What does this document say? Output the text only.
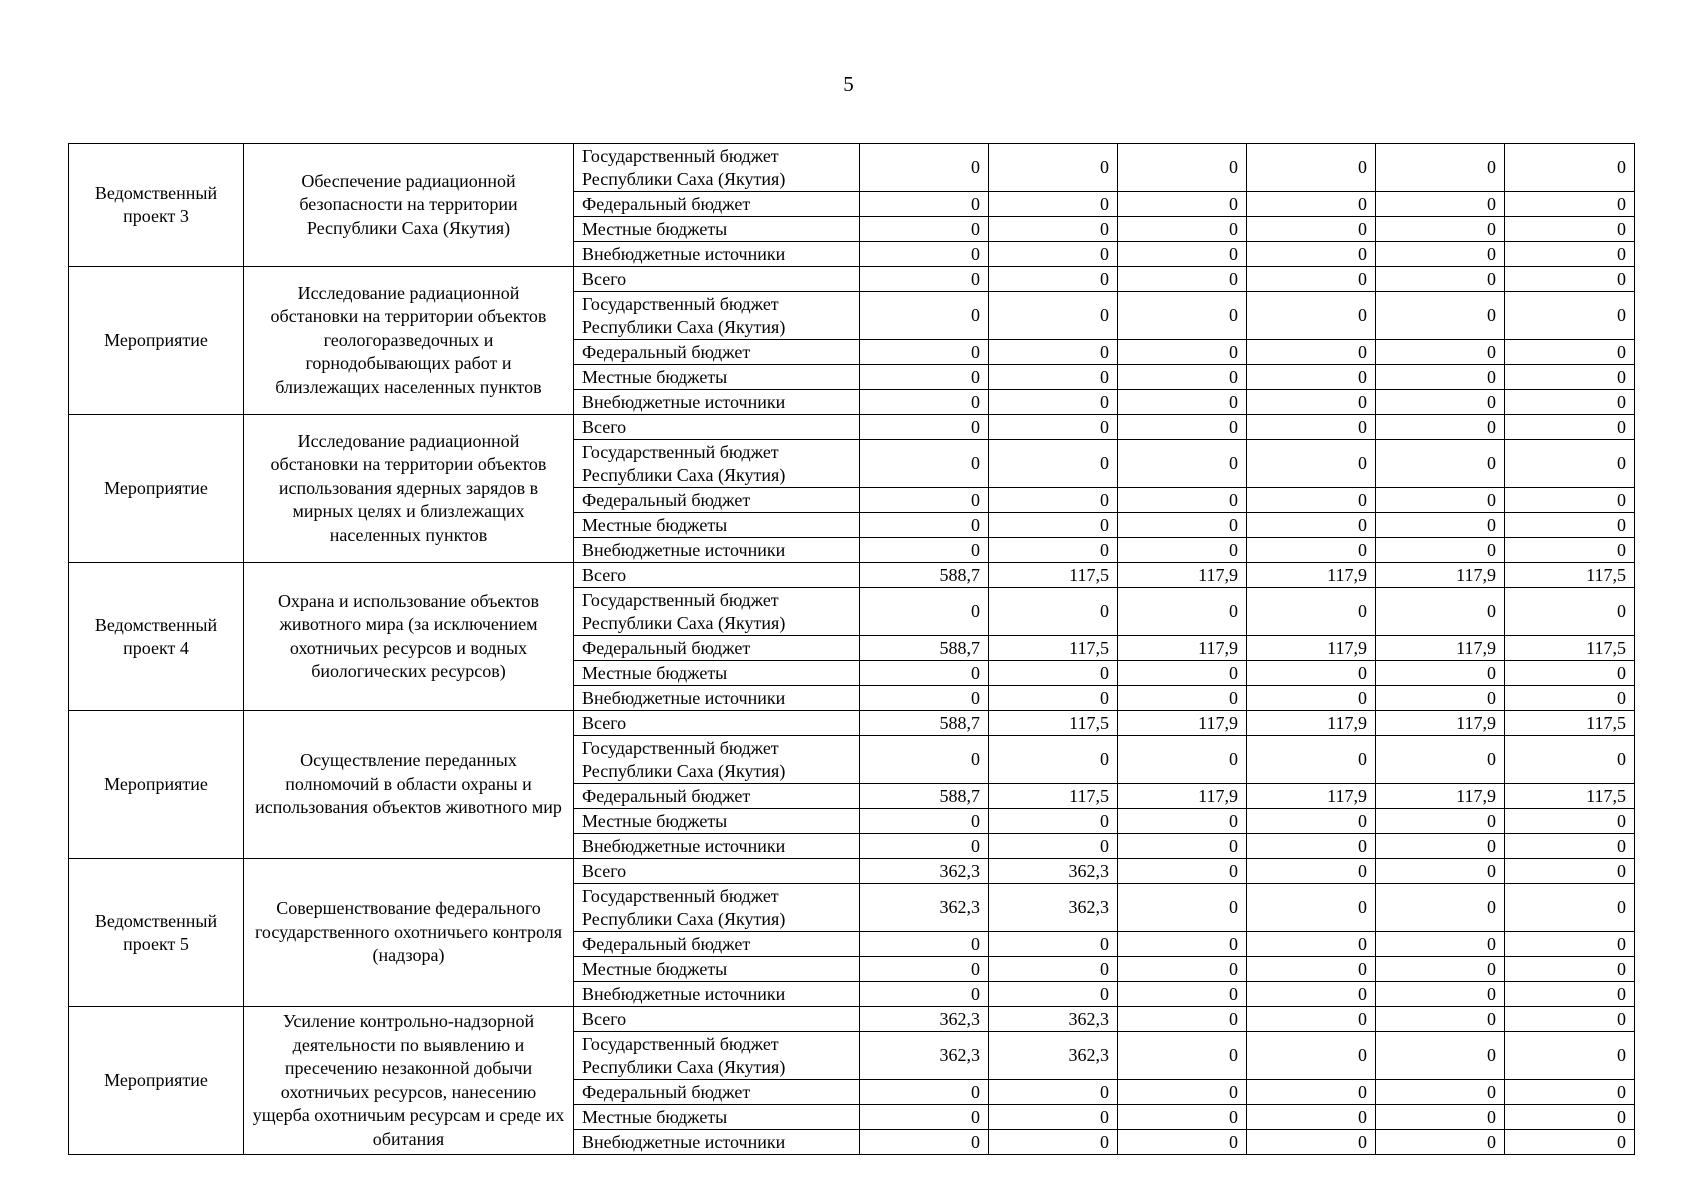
5
Ведомственный проект 3	Обеспечение радиационной безопасности на территории Республики Саха (Якутия)	Государственный бюджет Республики Саха (Якутия)	0	0	0	0	0	0
		Федеральный бюджет	0	0	0	0	0	0
		Местные бюджеты	0	0	0	0	0	0
		Внебюджетные источники	0	0	0	0	0	0
Мероприятие	Исследование радиационной обстановки на территории объектов геологоразведочных и горнодобывающих работ и близлежащих населенных пунктов	Всего	0	0	0	0	0	0
		Государственный бюджет Республики Саха (Якутия)	0	0	0	0	0	0
		Федеральный бюджет	0	0	0	0	0	0
		Местные бюджеты	0	0	0	0	0	0
		Внебюджетные источники	0	0	0	0	0	0
Мероприятие	Исследование радиационной обстановки на территории объектов использования ядерных зарядов в мирных целях и близлежащих населенных пунктов	Всего	0	0	0	0	0	0
		Государственный бюджет Республики Саха (Якутия)	0	0	0	0	0	0
		Федеральный бюджет	0	0	0	0	0	0
		Местные бюджеты	0	0	0	0	0	0
		Внебюджетные источники	0	0	0	0	0	0
Ведомственный проект 4	Охрана и использование объектов животного мира (за исключением охотничьих ресурсов и водных биологических ресурсов)	Всего	588,7	117,5	117,9	117,9	117,9	117,5
		Государственный бюджет Республики Саха (Якутия)	0	0	0	0	0	0
		Федеральный бюджет	588,7	117,5	117,9	117,9	117,9	117,5
		Местные бюджеты	0	0	0	0	0	0
		Внебюджетные источники	0	0	0	0	0	0
Мероприятие	Осуществление переданных полномочий в области охраны и использования объектов животного мир	Всего	588,7	117,5	117,9	117,9	117,9	117,5
		Государственный бюджет Республики Саха (Якутия)	0	0	0	0	0	0
		Федеральный бюджет	588,7	117,5	117,9	117,9	117,9	117,5
		Местные бюджеты	0	0	0	0	0	0
		Внебюджетные источники	0	0	0	0	0	0
Ведомственный проект 5	Совершенствование федерального государственного охотничьего контроля (надзора)	Всего	362,3	362,3	0	0	0	0
		Государственный бюджет Республики Саха (Якутия)	362,3	362,3	0	0	0	0
		Федеральный бюджет	0	0	0	0	0	0
		Местные бюджеты	0	0	0	0	0	0
		Внебюджетные источники	0	0	0	0	0	0
Мероприятие	Усиление контрольно-надзорной деятельности по выявлению и пресечению незаконной добычи охотничьих ресурсов, нанесению ущерба охотничьим ресурсам и среде их обитания	Всего	362,3	362,3	0	0	0	0
		Государственный бюджет Республики Саха (Якутия)	362,3	362,3	0	0	0	0
		Федеральный бюджет	0	0	0	0	0	0
		Местные бюджеты	0	0	0	0	0	0
		Внебюджетные источники	0	0	0	0	0	0
